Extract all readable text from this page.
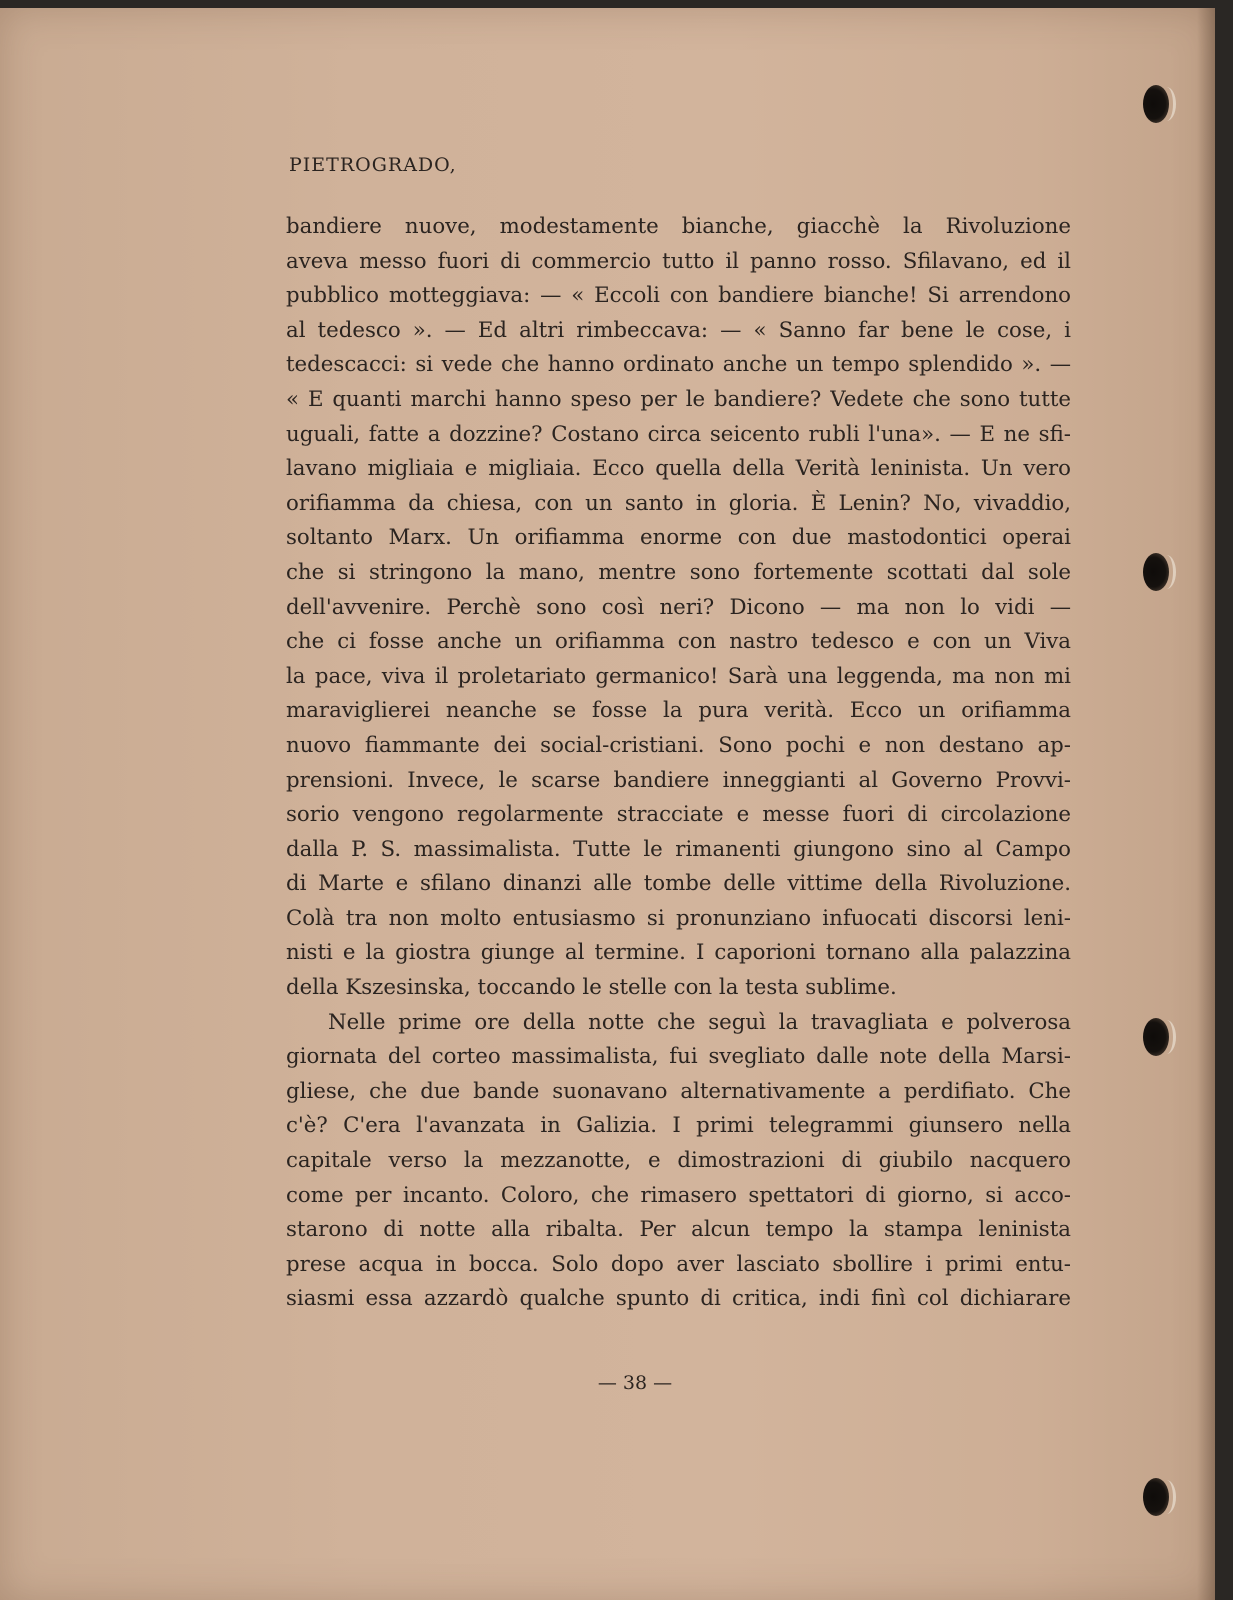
PIETROGRADO,
bandiere nuove, modestamente bianche, giacchè la Rivoluzione
aveva messo fuori di commercio tutto il panno rosso. Sfilavano, ed il
pubblico motteggiava: — « Eccoli con bandiere bianche! Si arrendono
al tedesco ». — Ed altri rimbeccava: — « Sanno far bene le cose, i
tedescacci: si vede che hanno ordinato anche un tempo splendido ». —
« E quanti marchi hanno speso per le bandiere? Vedete che sono tutte
uguali, fatte a dozzine? Costano circa seicento rubli l'una». — E ne sfi-
lavano migliaia e migliaia. Ecco quella della Verità leninista. Un vero
orifiamma da chiesa, con un santo in gloria. È Lenin? No, vivaddio,
soltanto Marx. Un orifiamma enorme con due mastodontici operai
che si stringono la mano, mentre sono fortemente scottati dal sole
dell'avvenire. Perchè sono così neri? Dicono — ma non lo vidi —
che ci fosse anche un orifiamma con nastro tedesco e con un Viva
la pace, viva il proletariato germanico! Sarà una leggenda, ma non mi
maraviglierei neanche se fosse la pura verità. Ecco un orifiamma
nuovo fiammante dei social-cristiani. Sono pochi e non destano ap-
prensioni. Invece, le scarse bandiere inneggianti al Governo Provvi-
sorio vengono regolarmente stracciate e messe fuori di circolazione
dalla P. S. massimalista. Tutte le rimanenti giungono sino al Campo
di Marte e sfilano dinanzi alle tombe delle vittime della Rivoluzione.
Colà tra non molto entusiasmo si pronunziano infuocati discorsi leni-
nisti e la giostra giunge al termine. I caporioni tornano alla palazzina
della Kszesinska, toccando le stelle con la testa sublime.
Nelle prime ore della notte che seguì la travagliata e polverosa
giornata del corteo massimalista, fui svegliato dalle note della Marsi-
gliese, che due bande suonavano alternativamente a perdifiato. Che
c'è? C'era l'avanzata in Galizia. I primi telegrammi giunsero nella
capitale verso la mezzanotte, e dimostrazioni di giubilo nacquero
come per incanto. Coloro, che rimasero spettatori di giorno, si acco-
starono di notte alla ribalta. Per alcun tempo la stampa leninista
prese acqua in bocca. Solo dopo aver lasciato sbollire i primi entu-
siasmi essa azzardò qualche spunto di critica, indi finì col dichiarare
— 38 —
